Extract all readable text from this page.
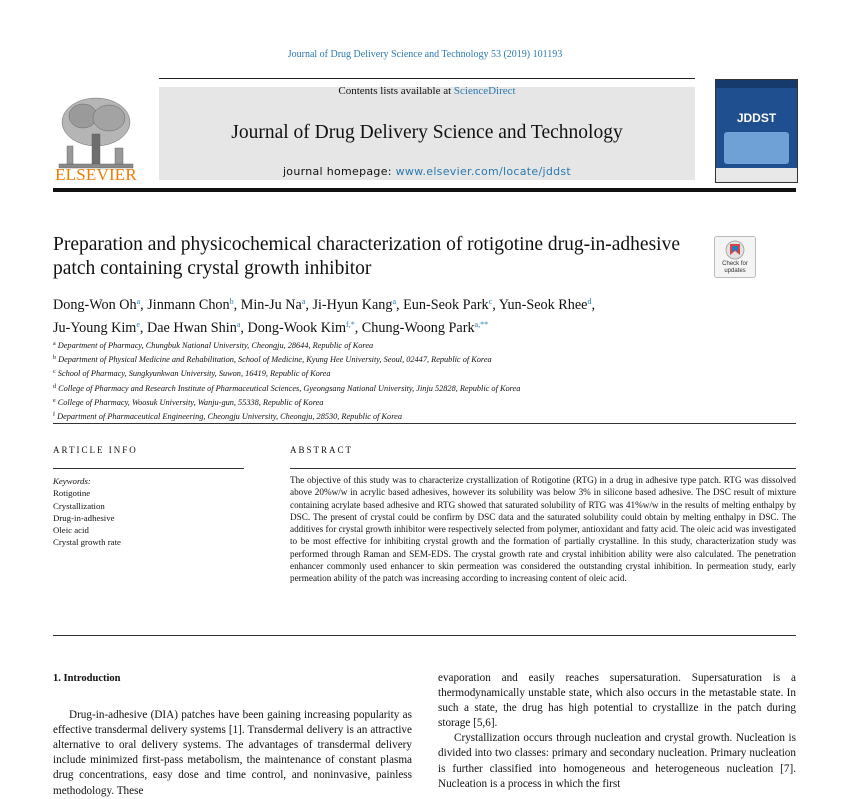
Journal of Drug Delivery Science and Technology 53 (2019) 101193
ELSEVIER
Contents lists available at ScienceDirect
Journal of Drug Delivery Science and Technology
journal homepage: www.elsevier.com/locate/jddst
JDDST
Preparation and physicochemical characterization of rotigotine drug-in-adhesive patch containing crystal growth inhibitor	Check for
updates
Dong-Won Oh$^a$, Jinmann Chon$^b$, Min-Ju Na$^a$, Ji-Hyun Kang$^a$, Eun-Seok Park$^c$, Yun-Seok Rhee$^d$,
Ju-Young Kim$^e$, Dae Hwan Shin$^a$, Dong-Wook Kim$^{f,*}$, Chung-Woong Park$^{a,**}$
$^a$ Department of Pharmacy, Chungbuk National University, Cheongju, 28644, Republic of Korea
$^b$ Department of Physical Medicine and Rehabilitation, School of Medicine, Kyung Hee University, Seoul, 02447, Republic of Korea
$^c$ School of Pharmacy, Sungkyunkwan University, Suwon, 16419, Republic of Korea
$^d$ College of Pharmacy and Research Institute of Pharmaceutical Sciences, Gyeongsang National University, Jinju 52828, Republic of Korea
$^e$ College of Pharmacy, Woosuk University, Wanju-gun, 55338, Republic of Korea
$^f$ Department of Pharmaceutical Engineering, Cheongju University, Cheongju, 28530, Republic of Korea
ARTICLE INFO
Keywords:
Rotigotine
Crystallization
Drug-in-adhesive
Oleic acid
Crystal growth rate
ABSTRACT
The objective of this study was to characterize crystallization of Rotigotine (RTG) in a drug in adhesive type patch. RTG was dissolved above 20%w/w in acrylic based adhesives, however its solubility was below 3% in silicone based adhesive. The DSC result of mixture containing acrylate based adhesive and RTG showed that saturated solubility of RTG was 41%w/w in the results of melting enthalpy by DSC. The present of crystal could be confirm by DSC data and the saturated solubility could obtain by melting enthalpy in DSC. The additives for crystal growth inhibitor were respectively selected from polymer, antioxidant and fatty acid. The oleic acid was investigated to be most effective for inhibiting crystal growth and the formation of partially crystalline. In this study, characterization study was performed through Raman and SEM-EDS. The crystal growth rate and crystal inhibition ability were also calculated. The penetration enhancer commonly used enhancer to skin permeation was considered the outstanding crystal inhibition. In permeation study, early permeation ability of the patch was increasing according to increasing content of oleic acid.
1. Introduction

Drug-in-adhesive (DIA) patches have been gaining increasing popularity as effective transdermal delivery systems [1]. Transdermal delivery is an attractive alternative to oral delivery systems. The advantages of transdermal delivery include minimized first-pass metabolism, the maintenance of constant plasma drug concentrations, easy dose and time control, and noninvasive, painless methodology. These

evaporation and easily reaches supersaturation. Supersaturation is a thermodynamically unstable state, which also occurs in the metastable state. In such a state, the drug has high potential to crystallize in the patch during storage [5,6].

Crystallization occurs through nucleation and crystal growth. Nucleation is divided into two classes: primary and secondary nucleation. Primary nucleation is further classified into homogeneous and heterogeneous nucleation [7]. Nucleation is a process in which the first
